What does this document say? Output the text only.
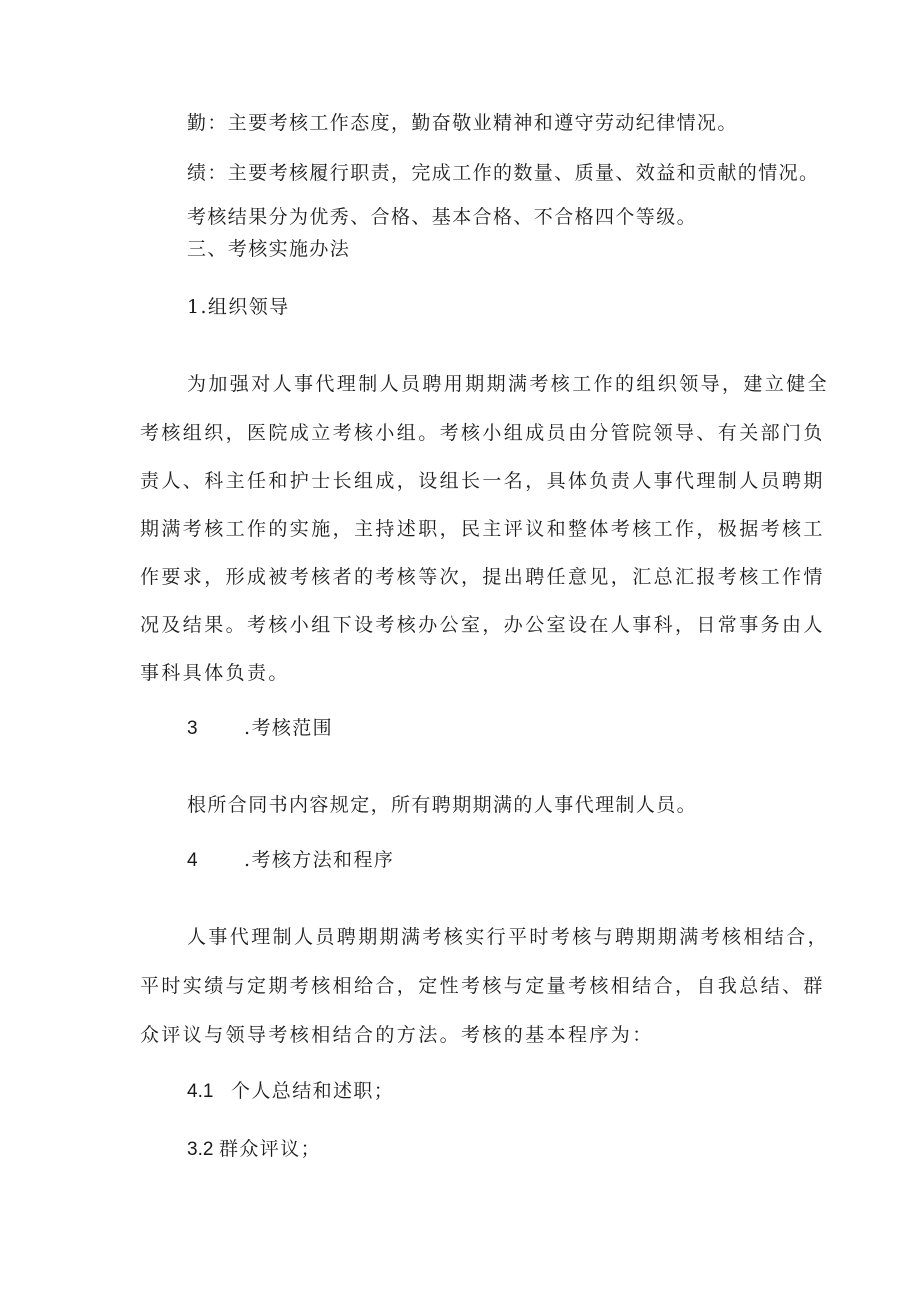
勤：主要考核工作态度，勤奋敬业精神和遵守劳动纪律情况。

绩：主要考核履行职责，完成工作的数量、质量、效益和贡献的情况。

考核结果分为优秀、合格、基本合格、不合格四个等级。

三、考核实施办法

1.组织领导

为加强对人事代理制人员聘用期期满考核工作的组织领导，建立健全

考核组织，医院成立考核小组。考核小组成员由分管院领导、有关部门负

责人、科主任和护士长组成，设组长一名，具体负责人事代理制人员聘期

期满考核工作的实施，主持述职，民主评议和整体考核工作，极据考核工

作要求，形成被考核者的考核等次，提出聘任意见，汇总汇报考核工作情

况及结果。考核小组下设考核办公室，办公室设在人事科，日常事务由人

事科具体负责。

3 .考核范围

根所合同书内容规定，所有聘期期满的人事代理制人员。

4 .考核方法和程序

人事代理制人员聘期期满考核实行平时考核与聘期期满考核相结合，

平时实绩与定期考核相给合，定性考核与定量考核相结合，自我总结、群

众评议与领导考核相结合的方法。考核的基本程序为：

4.1 个人总结和述职；

3.2 群众评议；
